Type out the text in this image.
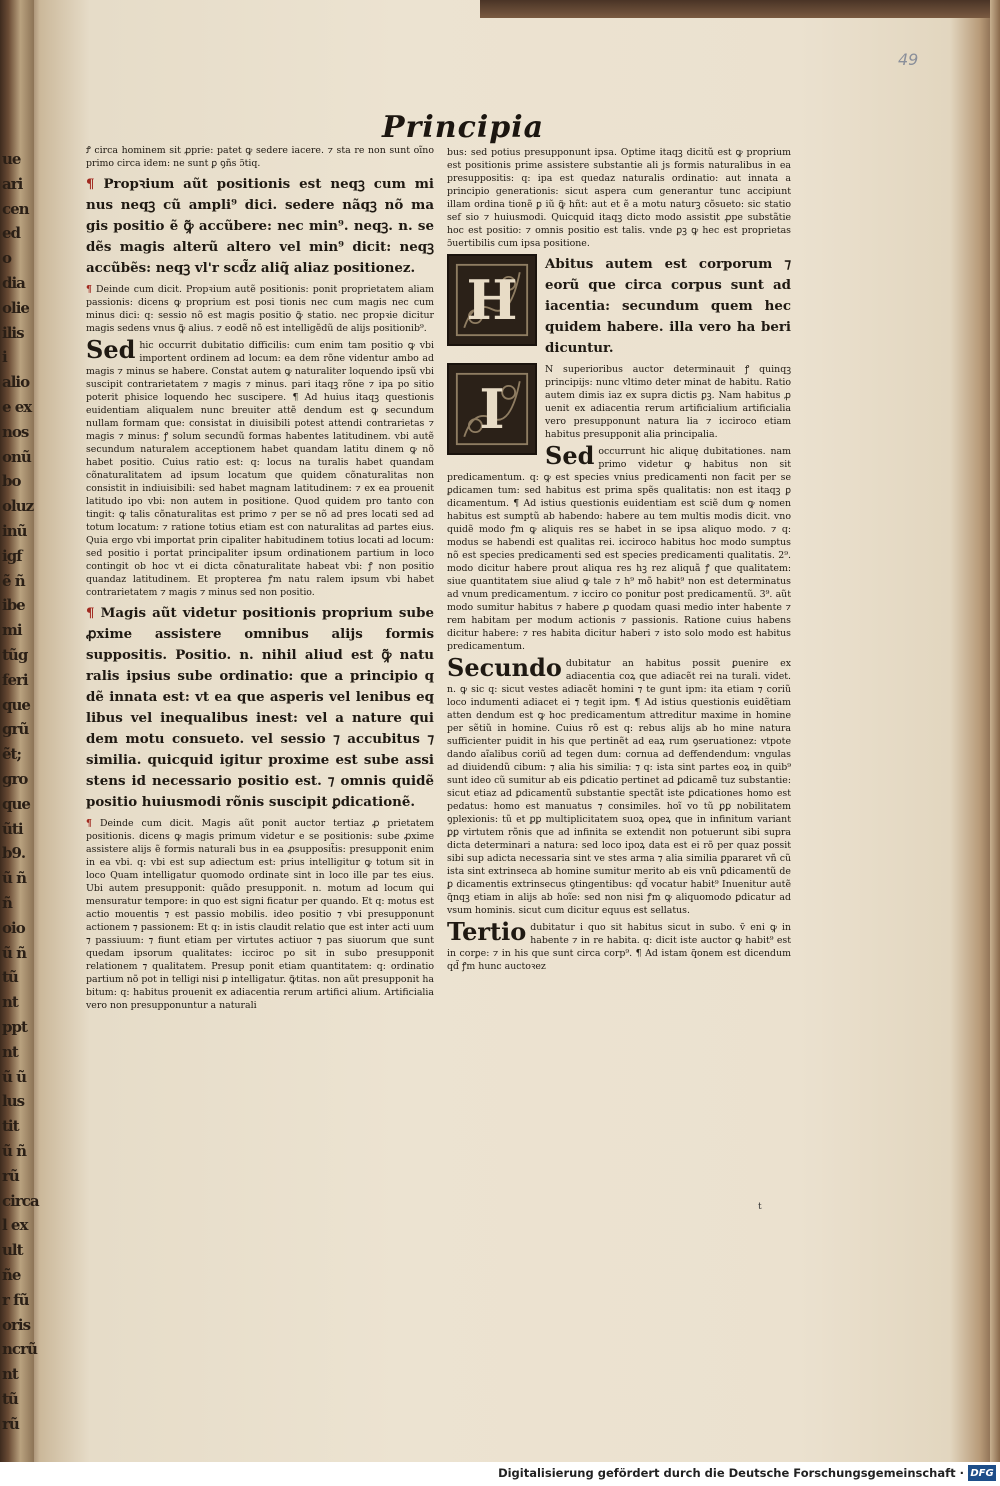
ue
ari
cen
ed
o
dia
olie
ilis
i
alio
e ex
nos
onũ
bo
oluz
inũ
igf
ẽ ñ
ibe
mi
tũg
feri
que
grũ
ẽt;
gro
que
ũti
b9.
ũ ñ
ñ
oio
ũ ñ
tũ
nt
ppt
nt
ũ ũ
lus
tit
ũ ñ
rũ
circa
l ex
ult
ñe
r fũ
oris
ncrũ
nt
tũ
rũ
49
Principia

Ꝭ circa hominem sit ꝓprie: patet ꝙ sedere iacere. ⁊ sta re non sunt oĩno primo circa idem: ne sunt ꝑ ꝯñs ɔ̃tiq.

¶ Propꝛium aũt positionis est neqꝫ cum mi nus neqꝫ cũ ampli⁹ dici. sedere nãqꝫ nõ ma gis positio ẽ ꝙ̃ accũbere: nec min⁹. neqꝫ. n. se dẽs magis alterũ altero vel min⁹ dicit: neqꝫ accũbẽs: neqꝫ vl'r scd̃z aliq̃ aliaz positionez.

¶ Deinde cum dicit. Propꝛium autẽ positionis: ponit proprietatem aliam passionis: dicens ꝙ proprium est posi tionis nec cum magis nec cum minus dici: q: sessio nõ est magis positio ꝙ̃ statio. nec propꝛie dicitur magis sedens vnus ꝙ̃ alius. ⁊ eodẽ nõ est intelligẽdũ de alijs positionib⁹.

Sed hic occurrit dubitatio difficilis: cum enim tam positio ꝙ vbi importent ordinem ad locum: ea dem rõne videntur ambo ad magis ⁊ minus se habere. Constat autem ꝙ naturaliter loquendo ipsũ vbi suscipit contrarietatem ⁊ magis ⁊ minus. pari itaqꝫ rõne ⁊ ipa po sitio poterit phisice loquendo hec suscipere. ¶ Ad huius itaqꝫ questionis euidentiam aliqualem nunc breuiter attẽ dendum est ꝙ secundum nullam formam que: consistat in diuisibili potest attendi contrarietas ⁊ magis ⁊ minus: ꝭ solum secundũ formas habentes latitudinem. vbi autẽ secundum naturalem acceptionem habet quandam latitu dinem ꝙ nõ habet positio. Cuius ratio est: q: locus na turalis habet quandam cõnaturalitatem ad ipsum locatum que quidem cõnaturalitas non consistit in indiuisibili: sed habet magnam latitudinem: ⁊ ex ea prouenit latitudo ipo vbi: non autem in positione. Quod quidem pro tanto con tingit: ꝙ talis cõnaturalitas est primo ⁊ per se nõ ad pres locati sed ad totum locatum: ⁊ ratione totius etiam est con naturalitas ad partes eius. Quia ergo vbi importat prin cipaliter habitudinem totius locati ad locum: sed positio i portat principaliter ipsum ordinationem partium in loco contingit ob hoc vt ei dicta cõnaturalitate habeat vbi: ꝭ non positio quandaz latitudinem. Et propterea ꝭm natu ralem ipsum vbi habet contrarietatem ⁊ magis ⁊ minus sed non positio.

¶ Magis aũt videtur positionis proprium sube ꝓxime assistere omnibus alijs formis suppositis. Positio. n. nihil aliud est ꝙ̃ natu ralis ipsius sube ordinatio: que a principio q dẽ innata est: vt ea que asperis vel lenibus eq libus vel inequalibus inest: vel a nature qui dem motu consueto. vel sessio ⁊ accubitus ⁊ similia. quicquid igitur proxime est sube assi stens id necessario positio est. ⁊ omnis quidẽ positio huiusmodi rõnis suscipit ꝑdicationẽ.

¶ Deinde cum dicit. Magis aũt ponit auctor tertiaz ꝓ prietatem positionis. dicens ꝙ magis primum videtur e se positionis: sube ꝓxime assistere alijs ẽ formis naturali bus in ea ꝓsupposit̃is: presupponit enim in ea vbi. q: vbi est sup adiectum est: prius intelligitur ꝙ totum sit in loco Quam intelligatur quomodo ordinate sint in loco ille par tes eius. Ubi autem presupponit: quãdo presupponit. n. motum ad locum qui mensuratur tempore: in quo est signi ficatur per quando. Et q: motus est actio mouentis ⁊ est passio mobilis. ideo positio ⁊ vbi presupponunt actionem ⁊ passionem: Et q: in istis claudit relatio que est inter acti uum ⁊ passiuum: ⁊ fiunt etiam per virtutes actiuor ⁊ pas siuorum que sunt quedam ipsorum qualitates: icciroc po sit in subo presupponit relationem ⁊ qualitatem. Presup ponit etiam quantitatem: q: ordinatio partium nõ pot in telligi nisi ꝑ intelligatur. ꝙ̃titas. non aũt presupponit ha bitum: q: habitus prouenit ex adiacentia rerum artifici alium. Artificialia vero non presupponuntur a naturali

bus: sed potius presupponunt ipsa. Optime itaqꝫ dicitũ est ꝙ proprium est positionis prime assistere substantie ali js formis naturalibus in ea presuppositis: q: ipa est quedaz naturalis ordinatio: aut innata a principio generationis: sicut aspera cum generantur tunc accipiunt illam ordina tionẽ ꝑ iũ ꝙ̃ hñt: aut et ẽ a motu naturꝫ cõsueto: sic statio sef sio ⁊ huiusmodi. Quicquid itaqꝫ dicto modo assistit ꝓpe substãtie hoc est positio: ⁊ omnis positio est talis. vnde ꝑꝫ ꝙ hec est proprietas ɔ̃uertibilis cum ipsa positione.

H
Abitus autem est corporum ⁊ eorũ que circa corpus sunt ad iacentia: secundum quem hec quidem habere. illa vero ha beri dicuntur.

I
N superioribus auctor determinauit ꝭ quinqꝫ principijs: nunc vltimo deter minat de habitu. Ratio autem dimis iaz ex supra dictis ꝑꝫ. Nam habitus ꝓ uenit ex adiacentia rerum artificialium artificialia vero presupponunt natura lia ⁊ icciroco etiam habitus presupponit alia principalia.

Sed occurrunt hic aliquę dubitationes. nam primo videtur ꝙ habitus non sit predicamentum. q: ꝙ est species vnius predicamenti non facit per se ꝑdicamen tum: sed habitus est prima spẽs qualitatis: non est itaqꝫ ꝑ dicamentum. ¶ Ad istius questionis euidentiam est sciẽ dum ꝙ nomen habitus est sumptũ ab habendo: habere au tem multis modis dicit. vno quidẽ modo ꝭm ꝙ aliquis res se habet in se ipsa aliquo modo. ⁊ q: modus se habendi est qualitas rei. icciroco habitus hoc modo sumptus nõ est species predicamenti sed est species predicamenti qualitatis. 2⁹. modo dicitur habere prout aliqua res hꝫ rez aliquã ꝭ que qualitatem: siue quantitatem siue aliud ꝙ tale ⁊ h⁹ mõ habit⁹ non est determinatus ad vnum predicamentum. ⁊ icciro co ponitur post predicamentũ. 3⁹. aũt modo sumitur habitus ⁊ habere ꝓ quodam quasi medio inter habente ⁊ rem habitam per modum actionis ⁊ passionis. Ratione cuius habens dicitur habere: ⁊ res habita dicitur haberi ⁊ isto solo modo est habitus predicamentum.

Secundo dubitatur an habitus possit ꝑuenire ex adiacentia coꝝ que adiacẽt rei na turali. videt. n. ꝙ sic q: sicut vestes adiacẽt homini ⁊ te gunt ipm: ita etiam ⁊ coriũ loco indumenti adiacet ei ⁊ tegit ipm. ¶ Ad istius questionis euidẽtiam atten dendum est ꝙ hoc predicamentum attreditur maxime in homine per sẽtiũ in homine. Cuius rõ est q: rebus alijs ab ho mine natura sufficienter puidit in his que pertinẽt ad eaꝝ rum ꝯseruationez: vtpote dando aĩalibus coriũ ad tegen dum: cornua ad deffendendum: vngulas ad diuidendũ cibum: ⁊ alia his similia: ⁊ q: ista sint partes eoꝝ in quib⁹ sunt ideo cũ sumitur ab eis ꝑdicatio pertinet ad ꝑdicamẽ tuz substantie: sicut etiaz ad ꝑdicamentũ substantie spectãt iste ꝑdicationes homo est pedatus: homo est manuatus ⁊ consimiles. hoĩ vo tũ ꝑꝑ nobilitatem ꝯplexionis: tũ et ꝑꝑ multiplicitatem suoꝝ opeꝝ que in infinitum variant ꝑꝑ virtutem rõnis que ad infinita se extendit non potuerunt sibi supra dicta determinari a natura: sed loco ipoꝝ data est ei rõ per quaz possit sibi sup adicta necessaria sint ve stes arma ⁊ alia similia ꝑpararet vñ cũ ista sint extrinseca ab homine sumitur merito ab eis vnũ ꝑdicamentũ de ꝑ dicamentis extrinsecus ꝯtingentibus: qd̃ vocatur habit⁹ Inuenitur autẽ q̃nqꝫ etiam in alijs ab hoĩe: sed non nisi ꝭm ꝙ aliquomodo ꝑdicatur ad vsum hominis. sicut cum dicitur equus est sellatus.

Tertio dubitatur i quo sit habitus sicut in subo. v̄ eni ꝙ in habente ⁊ in re habita. q: dicit iste auctor ꝙ habit⁹ est in corꝑe: ⁊ in his que sunt circa corp⁹. ¶ Ad istam q̃onem est dicendum qd̃ ꝭm hunc auctoꝛez

t
Digitalisierung gefördert durch die Deutsche Forschungsgemeinschaft · DFG
